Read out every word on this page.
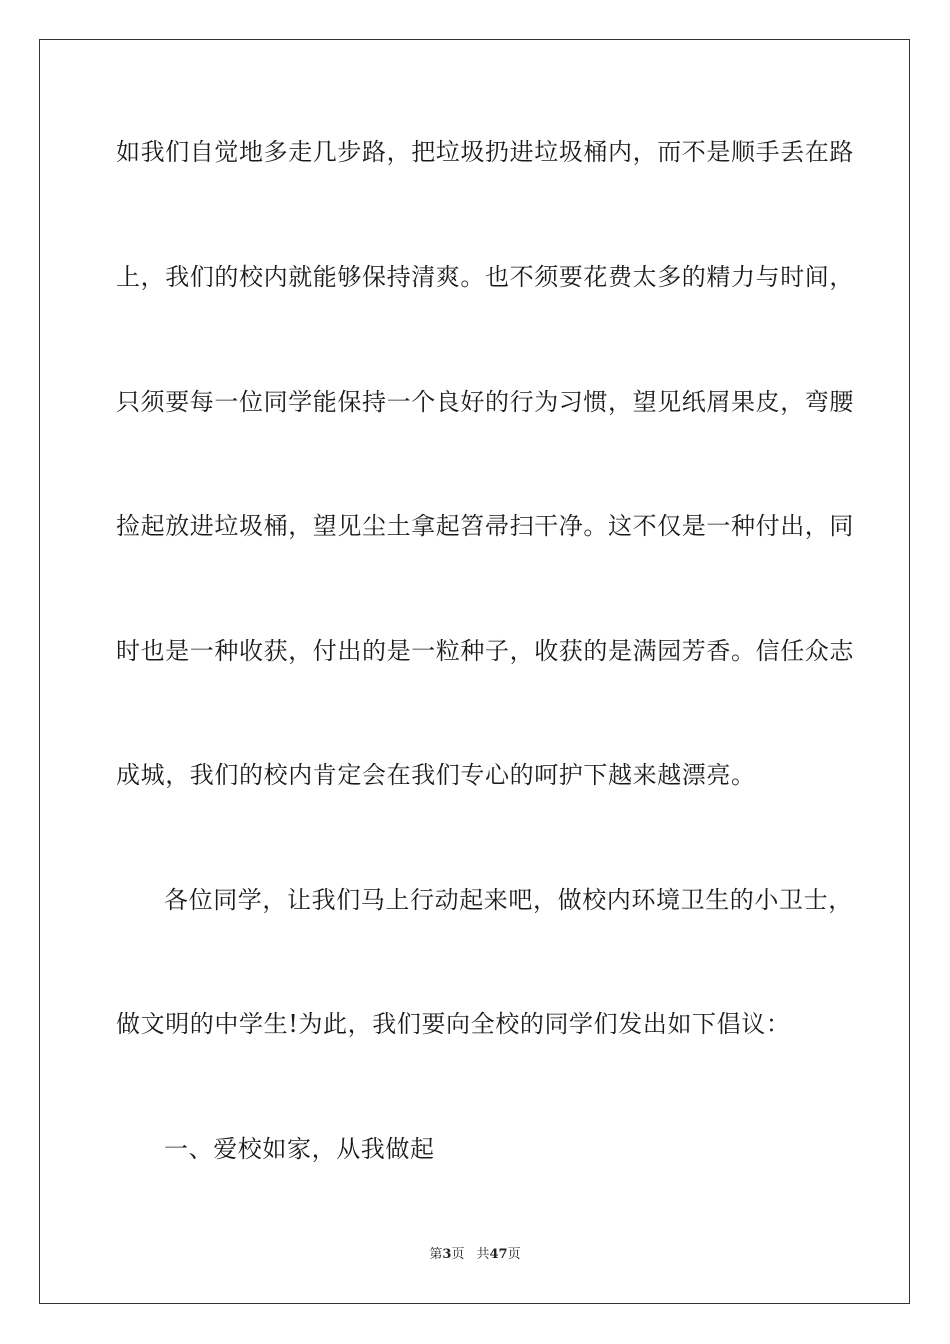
如我们自觉地多走几步路，把垃圾扔进垃圾桶内，而不是顺手丢在路
上，我们的校内就能够保持清爽。也不须要花费太多的精力与时间，
只须要每一位同学能保持一个良好的行为习惯，望见纸屑果皮，弯腰
捡起放进垃圾桶，望见尘土拿起笤帚扫干净。这不仅是一种付出，同
时也是一种收获，付出的是一粒种子，收获的是满园芳香。信任众志
成城，我们的校内肯定会在我们专心的呵护下越来越漂亮。
各位同学，让我们马上行动起来吧，做校内环境卫生的小卫士，
做文明的中学生!为此，我们要向全校的同学们发出如下倡议：
一、爱校如家，从我做起
第3页 共47页
